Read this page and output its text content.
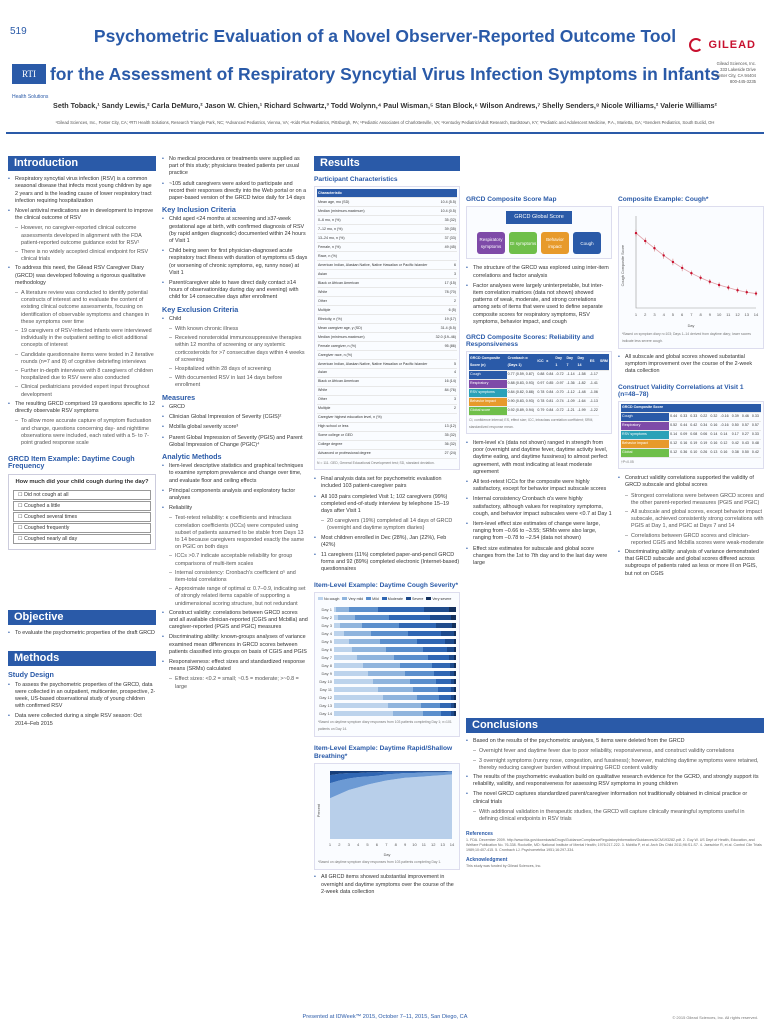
519
RTI
Health Solutions
Psychometric Evaluation of a Novel Observer-Reported Outcome Tool
for the Assessment of Respiratory Syncytial Virus Infection Symptoms in Infants
Seth Toback,¹ Sandy Lewis,² Carla DeMuro,² Jason W. Chien,¹ Richard Schwartz,³ Todd Wolynn,⁴ Paul Wisman,⁵ Stan Block,⁶ Wilson Andrews,⁷ Shelly Senders,⁸ Nicole Williams,² Valerie Williams²
¹Gilead Sciences, Inc., Foster City, CA; ²RTI Health Solutions, Research Triangle Park, NC; ³Advanced Pediatrics, Vienna, VA; ⁴Kids Plus Pediatrics, Pittsburgh, PA; ⁵Pediatric Associates of Charlottesville, VA; ⁶Kentucky Pediatric/Adult Research, Bardstown, KY; ⁷Pediatric and Adolescent Medicine, P.A., Marietta, GA; ⁸Senders Pediatrics, South Euclid, OH
GILEAD
Gilead Sciences, Inc.
333 Lakeside Drive
Foster City, CA 94404
800-445-3235
Introduction
• Respiratory syncytial virus infection (RSV) is a common seasonal disease that infects most young children by age 2 years and is the leading cause of lower respiratory tract infection requiring hospitalization
• Novel antiviral medications are in development to improve the clinical outcome of RSV
– However, no caregiver-reported clinical outcome assessments developed in alignment with the FDA patient-reported outcome guidance exist for RSV¹
– There is no widely accepted clinical endpoint for RSV clinical trials
• To address this need, the Gilead RSV Caregiver Diary (GRCD) was developed following a rigorous qualitative methodology
– A literature review was conducted to identify potential constructs of interest and to evaluate the content of existing clinical outcome assessments, focusing on identification of observable symptoms and changes in these symptoms over time
– 19 caregivers of RSV-infected infants were interviewed individually in the outpatient setting to elicit additional concepts of interest
– Candidate questionnaire items were tested in 2 iterative rounds (n=7 and 8) of cognitive debriefing interviews
– Further in-depth interviews with 8 caregivers of children hospitalized due to RSV were also conducted
– Clinical pediatricians provided expert input throughout development
• The resulting GRCD comprised 19 questions specific to 12 directly observable RSV symptoms
– To allow more accurate capture of symptom fluctuation and change, questions concerning day- and nighttime observations were included, each rated with a 5- to 7-point graded response scale
GRCD Item Example: Daytime Cough Frequency
How much did your child cough during the day?
☐ Did not cough at all
☐ Coughed a little
☐ Coughed several times
☐ Coughed frequently
☐ Coughed nearly all day
Objective
• To evaluate the psychometric properties of the draft GRCD
Methods
Study Design
• To assess the psychometric properties of the GRCD, data were collected in an outpatient, multicenter, prospective, 2-week, US-based observational study of young children with confirmed RSV
• Data were collected during a single RSV season: Oct 2014–Feb 2015
• No medical procedures or treatments were supplied as part of this study; physicians treated patients per usual practice
• ~105 adult caregivers were asked to participate and record their responses directly into the Web portal or on a paper-based version of the GRCD twice daily for 14 days
Key Inclusion Criteria
• Child aged <24 months at screening and ≥37-week gestational age at birth, with confirmed diagnosis of RSV (by rapid antigen diagnostic) documented within 24 hours of Visit 1
• Child being seen for first physician-diagnosed acute respiratory tract illness with duration of symptoms ≤5 days (or worsening of chronic symptoms, eg, runny nose) at Visit 1
• Parent/caregiver able to have direct daily contact ≥14 hours of observation/day during day and evening) with child for 14 consecutive days after enrollment
Key Exclusion Criteria
• Child
– With known chronic illness
– Received nonsteroidal immunosuppressive therapies within 12 months of screening or any systemic corticosteroids for >7 consecutive days within 4 weeks of screening
– Hospitalized within 28 days of screening
– With documented RSV in last 14 days before enrollment
Measures
• GRCD
• Clinician Global Impression of Severity (CGIS)²
• Mcbilla global severity score³
• Parent Global Impression of Severity (PGIS) and Parent Global Impression of Change (PGIC)⁴
Analytic Methods
• Item-level descriptive statistics and graphical techniques to examine symptom prevalence and change over time, and evaluate floor and ceiling effects
• Principal components analysis and exploratory factor analyses
• Reliability
– Test-retest reliability: κ coefficients and intraclass correlation coefficients (ICCs) were computed using subset of patients assumed to be stable from Days 13 to 14 because caregivers responded exactly the same on PGIC on both days
– ICCs >0.7 indicate acceptable reliability for group comparisons of multi-item scales
– Internal consistency: Cronbach's coefficient α⁵ and item-total correlations
– Approximate range of optimal α: 0.7–0.9, indicating set of strongly related items capable of supporting a unidimensional scoring structure, but not redundant
• Construct validity: correlations between GRCD scores and all available clinician-reported (CGIS and Mcbilla) and caregiver-reported (PGIS and PGIC) measures
• Discriminating ability: known-groups analyses of variance examined mean differences in GRCD scores between patients classified into groups on basis of CGIS and PGIS
• Responsiveness: effect sizes and standardized response means (SRMs) calculated
– Effect sizes: <0.2 = small; ~0.5 = moderate; >~0.8 = large
Results
Participant Characteristics
Characteristic	
Mean age, mo (SD)	10.4 (5.5)
Median (minimum-maximum)	10.4 (0.5)
0–6 mo, n (%)	35 (32)
7–12 mo, n (%)	39 (35)
13–24 mo, n (%)	37 (33)
Female, n (%)	49 (45)
Race, n (%)	
American Indian, Alaskan Native, Native Hawaiian or Pacific Islander	6
Asian	3
Black or African American	17 (15)
White	78 (70)
Other	2
Multiple	6 (5)
Ethnicity, n (%)	19 (17)
Mean caregiver age, y (SD)	31.4 (5.5)
Median (minimum-maximum)	32.0 (19–46)
Female caregiver, n (%)	95 (86)
Caregiver race, n (%)	
American Indian, Alaskan Native, Native Hawaiian or Pacific Islander	5
Asian	4
Black or African American	16 (14)
White	84 (76)
Other	3
Multiple	2
Caregiver highest education level, n (%)	
High school or less	13 (12)
Some college or GED	35 (32)
College degree	36 (32)
Advanced or professional degree	27 (24)
N = 111. GED, General Educational Development test; SD, standard deviation.
• Final analysis data set for psychometric evaluation included 103 patient-caregiver pairs
• All 103 pairs completed Visit 1; 102 caregivers (99%) completed end-of-study interview by telephone 15–19 days after Visit 1
– 20 caregivers (19%) completed all 14 days of GRCD (overnight and daytime symptom diaries)
• Most children enrolled in Dec (28%), Jan (22%), Feb (42%)
• 11 caregivers (11%) completed paper-and-pencil GRCD forms and 92 (89%) completed electronic (Internet-based) questionnaires
Item-Level Example: Daytime Cough Severity*
No cough	Very mild	Mild	Moderate	Severe	Very severe
Day 1
Day 2
Day 3
Day 4
Day 5
Day 6
Day 7
Day 8
Day 9
Day 10
Day 11
Day 12
Day 13
Day 14
*Based on daytime symptom diary responses from 103 patients completing Day 1; n=101 patients on Day 14.
Item-Level Example: Daytime Rapid/Shallow Breathing*
Percent
1 2 3 4 5 6 7 8 9 10 11 12 13 14
Day
*Based on daytime symptom diary responses from 103 patients completing Day 1.
• All GRCD items showed substantial improvement in overnight and daytime symptoms over the course of the 2-week data collection
GRCD Composite Score Map
GRCD Global Score
Respiratory symptoms
GI symptoms
Behavior impact
Cough
• The structure of the GRCD was explored using inter-item correlations and factor analysis
• Factor analyses were largely uninterpretable, but inter-item correlation matrices (data not shown) showed patterns of weak, moderate, and strong correlations among sets of items that were used to define separate composite scores for respiratory symptoms, RSV symptoms, behavior impact, and cough
GRCD Composite Scores: Reliability and Responsiveness
GRCD Composite Score (n)	Cronbach α (Days 1)	ICC	κ	Day 1	Day 7	Day 14	ES	SRM
Cough	0.77 (0.59, 0.87)	0.88	0.84	-0.72	-1.14	-1.58	-1.17	
Respiratory	0.88 (0.83, 0.93)	0.97	0.85	-0.97	-1.36	-1.82	-1.41	
RSV symptoms	0.84 (0.82, 0.88)	0.78	0.84	-0.70	-1.12	-1.48	-1.06	
Behavior impact	0.90 (0.83, 0.93)	0.78	0.81	-0.74	-1.09	-1.64	-1.13	
Global score	0.92 (0.89, 0.94)	0.79	0.84	-0.72	-1.21	-1.99	-1.22	
CI, confidence interval; ES, effect size; ICC, intraclass correlation coefficient; SRM, standardized response mean.
• Item-level κ's (data not shown) ranged in strength from poor (overnight and daytime fever, daytime activity level, daytime eating, and daytime fussiness) to almost perfect agreement, with most indicating at least moderate agreement
• All test-retest ICCs for the composite were highly satisfactory, except for behavior impact subscale scores
• Internal consistency Cronbach α's were highly satisfactory, although values for respiratory symptoms, cough, and behavior impact subscales were <0.7 at Day 1
• Item-level effect size estimates of change were large, ranging from –0.66 to –3.55; SRMs were also large, ranging from –0.78 to –2.54 (data not shown)
• Effect size estimates for subscale and global score changes from the 1st to 7th day and to the last day were large
Composite Example: Cough*
Cough Composite Score
1 2 3 4 5 6 7 8 9 10 11 12 13 14
Day
*Based on symptom diary n=103; Days 1–14 derived from daytime diary; lower scores indicate less severe cough.
• All subscale and global scores showed substantial symptom improvement over the course of the 2-week data collection
Construct Validity Correlations at Visit 1 (n=48–78)
GRCD Composite Score									
Cough	0.44	0.33	0.33	0.22	0.32	-0.16	0.39	0.46	0.33
Respiratory	0.52	0.44	0.42	0.34	0.16	-0.16	0.50	0.57	0.57
RSV symptoms	0.14	0.09	0.08	0.06	0.14	0.14	0.17	0.27	0.33
Behavior impact	0.12	0.16	0.19	0.19	0.16	0.12	0.42	0.43	0.48
Global	0.12	0.36	0.10	0.26	0.13	0.16	0.38	0.50	0.42
†P<0.05
• Construct validity correlations supported the validity of GRCD subscale and global scores
– Strongest correlations were between GRCD scores and the other parent-reported measures (PGIS and PGIC)
– All subscale and global scores, except behavior impact subscale, achieved consistently strong correlations with PGIS at Day 1, and PGIC at Days 7 and 14
– Correlations between GRCD scores and clinician-reported CGIS and Mcbilla scores were weak-moderate
• Discriminating ability: analysis of variance demonstrated that GRCD subscale and global scores differed across subgroups of patients rated as less or more ill on PGIS, but not on CGIS
Conclusions
• Based on the results of the psychometric analyses, 5 items were deleted from the GRCD
– Overnight fever and daytime fever due to poor reliability, responsiveness, and construct validity correlations
– 3 overnight symptoms (runny nose, congestion, and fussiness); however, matching daytime symptoms were retained, thereby reducing caregiver burden without impairing GRCD content validity
• The results of the psychometric evaluation build on qualitative research evidence for the GCRD, and strongly support its reliability, validity, and responsiveness for assessing RSV symptoms in young children
• The novel GRCD captures standardized parent/caregiver information not traditionally obtained in clinical practice or clinical trials
– With additional validation in therapeutic studies, the GRCD will capture clinically meaningful symptoms useful in defining clinical endpoints in RSV trials
References
1. FDA. December 2009. http://www.fda.gov/downloads/Drugs/GuidanceComplianceRegulatoryInformation/Guidances/UCM193282.pdf. 2. Guy W. US Dept of Health, Education, and Welfare Publication No. 76-338. Rockville, MD: National Institute of Mental Health; 1976:217-222. 3. Mcbilla P, et al. Arch Dis Child 2011;96:S1-S7. 4. Jaeschke R, et al. Control Clin Trials 1989;10:407-415. 5. Cronbach LJ. Psychometrika 1951;16:297-334.
Acknowledgment
This study was funded by Gilead Sciences, Inc.
Presented at IDWeek™ 2015, October 7–11, 2015, San Diego, CA	© 2015 Gilead Sciences, Inc. All rights reserved.
